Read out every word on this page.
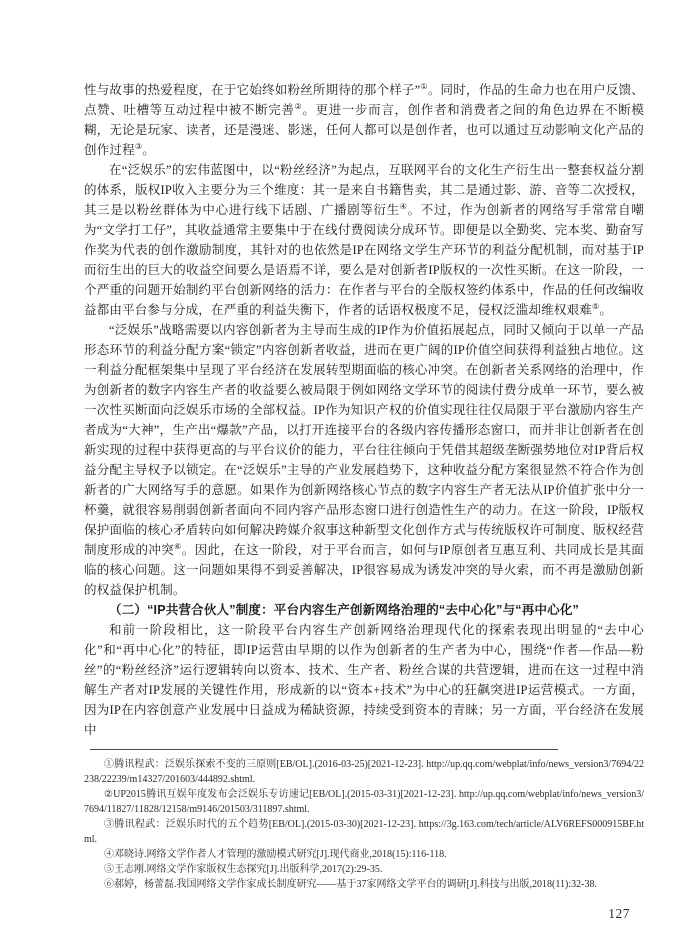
性与故事的热爱程度，在于它始终如粉丝所期待的那个样子”①。同时，作品的生命力也在用户反馈、点赞、吐槽等互动过程中被不断完善②。更进一步而言，创作者和消费者之间的角色边界在不断模糊，无论是玩家、读者，还是漫迷、影迷，任何人都可以是创作者，也可以通过互动影响文化产品的创作过程③。

在“泛娱乐”的宏伟蓝图中，以“粉丝经济”为起点，互联网平台的文化生产衍生出一整套权益分割的体系，版权IP收入主要分为三个维度：其一是来自书籍售卖，其二是通过影、游、音等二次授权，其三是以粉丝群体为中心进行线下话剧、广播剧等衍生④。不过，作为创新者的网络写手常常自嘲为“文学打工仔”，其收益通常主要集中于在线付费阅读分成环节。即便是以全勤奖、完本奖、勤奋写作奖为代表的创作激励制度，其针对的也依然是IP在网络文学生产环节的利益分配机制，而对基于IP而衍生出的巨大的收益空间要么是语焉不详，要么是对创新者IP版权的一次性买断。在这一阶段，一个严重的问题开始制约平台创新网络的活力：在作者与平台的全版权签约体系中，作品的任何改编收益都由平台参与分成，在严重的利益失衡下，作者的话语权极度不足，侵权泛滥却维权艰难⑤。

“泛娱乐”战略需要以内容创新者为主导而生成的IP作为价值拓展起点，同时又倾向于以单一产品形态环节的利益分配方案“锁定”内容创新者收益，进而在更广阔的IP价值空间获得利益独占地位。这一利益分配框架集中呈现了平台经济在发展转型期面临的核心冲突。在创新者关系网络的治理中，作为创新者的数字内容生产者的收益要么被局限于例如网络文学环节的阅读付费分成单一环节，要么被一次性买断面向泛娱乐市场的全部权益。IP作为知识产权的价值实现往往仅局限于平台激励内容生产者成为“大神”，生产出“爆款”产品，以打开连接平台的各级内容传播形态窗口，而并非让创新者在创新实现的过程中获得更高的与平台议价的能力，平台往往倾向于凭借其超级垄断强势地位对IP背后权益分配主导权予以锁定。在“泛娱乐”主导的产业发展趋势下，这种收益分配方案很显然不符合作为创新者的广大网络写手的意愿。如果作为创新网络核心节点的数字内容生产者无法从IP价值扩张中分一杯羹，就很容易削弱创新者面向不同内容产品形态窗口进行创造性生产的动力。在这一阶段，IP版权保护面临的核心矛盾转向如何解决跨媒介叙事这种新型文化创作方式与传统版权许可制度、版权经营制度形成的冲突⑥。因此，在这一阶段，对于平台而言，如何与IP原创者互惠互利、共同成长是其面临的核心问题。这一问题如果得不到妥善解决，IP很容易成为诱发冲突的导火索，而不再是激励创新的权益保护机制。

（二）“IP共营合伙人”制度：平台内容生产创新网络治理的“去中心化”与“再中心化”

和前一阶段相比，这一阶段平台内容生产创新网络治理现代化的探索表现出明显的“去中心化”和“再中心化”的特征，即IP运营由早期的以作为创新者的生产者为中心，围绕“作者—作品—粉丝”的“粉丝经济”运行逻辑转向以资本、技术、生产者、粉丝合谋的共营逻辑，进而在这一过程中消解生产者对IP发展的关键性作用，形成新的以“资本+技术”为中心的狂飙突进IP运营模式。一方面，因为IP在内容创意产业发展中日益成为稀缺资源，持续受到资本的青睐；另一方面，平台经济在发展中

①腾讯程武：泛娱乐探索不变的三原则[EB/OL].(2016-03-25)[2021-12-23]. http://up.qq.com/webplat/info/news_version3/7694/22238/22239/m14327/201603/444892.shtml.

②UP2015腾讯互娱年度发布会泛娱乐专访速记[EB/OL].(2015-03-31)[2021-12-23]. http://up.qq.com/webplat/info/news_version3/7694/11827/11828/12158/m9146/201503/311897.shtml.

③腾讯程武：泛娱乐时代的五个趋势[EB/OL].(2015-03-30)[2021-12-23]. https://3g.163.com/tech/article/ALV6REFS000915BF.html.

④邓晓诗.网络文学作者人才管理的激励模式研究[J].现代商业,2018(15):116-118.

⑤王志刚.网络文学作家版权生态探究[J].出版科学,2017(2):29-35.

⑥郝婷，杨蕾磊.我国网络文学作家成长制度研究——基于37家网络文学平台的调研[J].科技与出版,2018(11):32-38.

127
